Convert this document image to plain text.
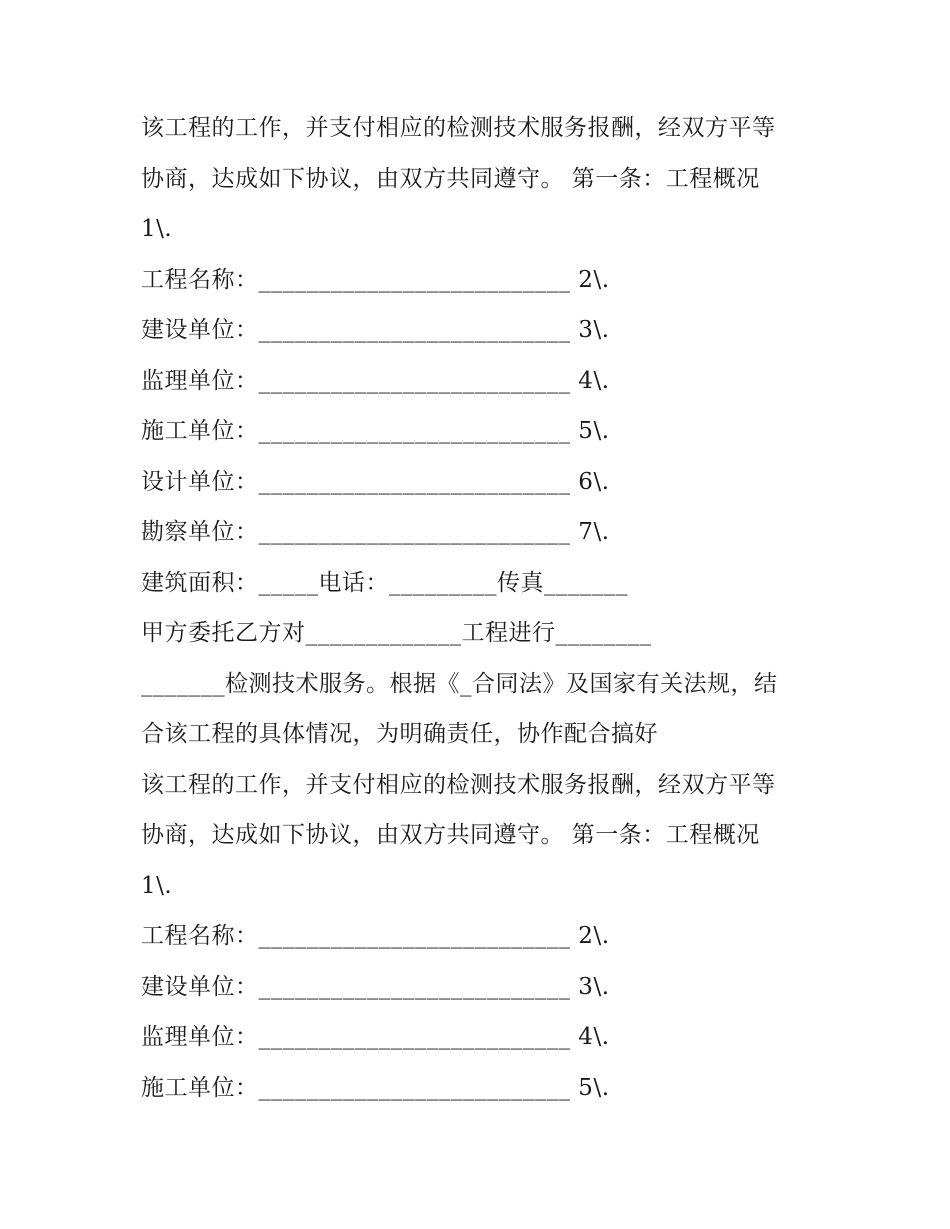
该工程的工作，并支付相应的检测技术服务报酬，经双方平等
协商，达成如下协议，由双方共同遵守。 第一条：工程概况
1\.
工程名称：__________________________ 2\.
建设单位：__________________________ 3\.
监理单位：__________________________ 4\.
施工单位：__________________________ 5\.
设计单位：__________________________ 6\.
勘察单位：__________________________ 7\.
建筑面积：_____电话：_________传真_______
甲方委托乙方对_____________工程进行________
_______检测技术服务。根据《_合同法》及国家有关法规，结
合该工程的具体情况，为明确责任，协作配合搞好
该工程的工作，并支付相应的检测技术服务报酬，经双方平等
协商，达成如下协议，由双方共同遵守。 第一条：工程概况
1\.
工程名称：__________________________ 2\.
建设单位：__________________________ 3\.
监理单位：__________________________ 4\.
施工单位：__________________________ 5\.
